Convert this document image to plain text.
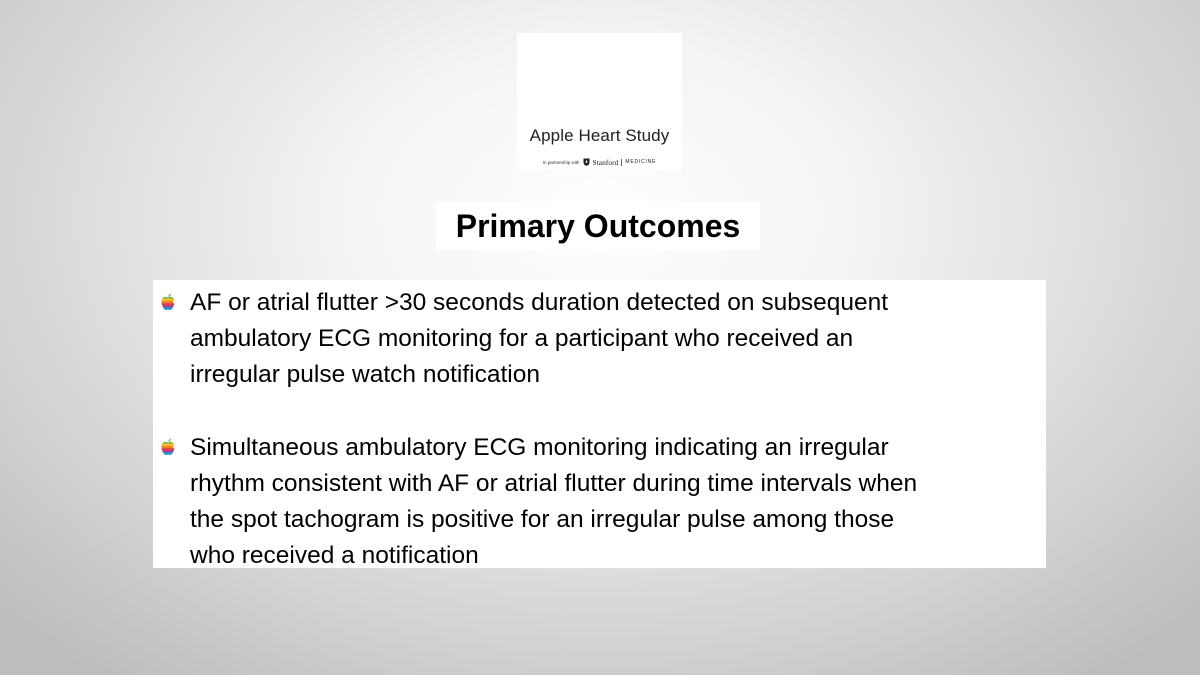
Apple Heart Study
In partnership with Stanford MEDICINE
Primary Outcomes
AF or atrial flutter >30 seconds duration detected on subsequent
ambulatory ECG monitoring for a participant who received an
irregular pulse watch notification
Simultaneous ambulatory ECG monitoring indicating an irregular
rhythm consistent with AF or atrial flutter during time intervals when
the spot tachogram is positive for an irregular pulse among those
who received a notification
